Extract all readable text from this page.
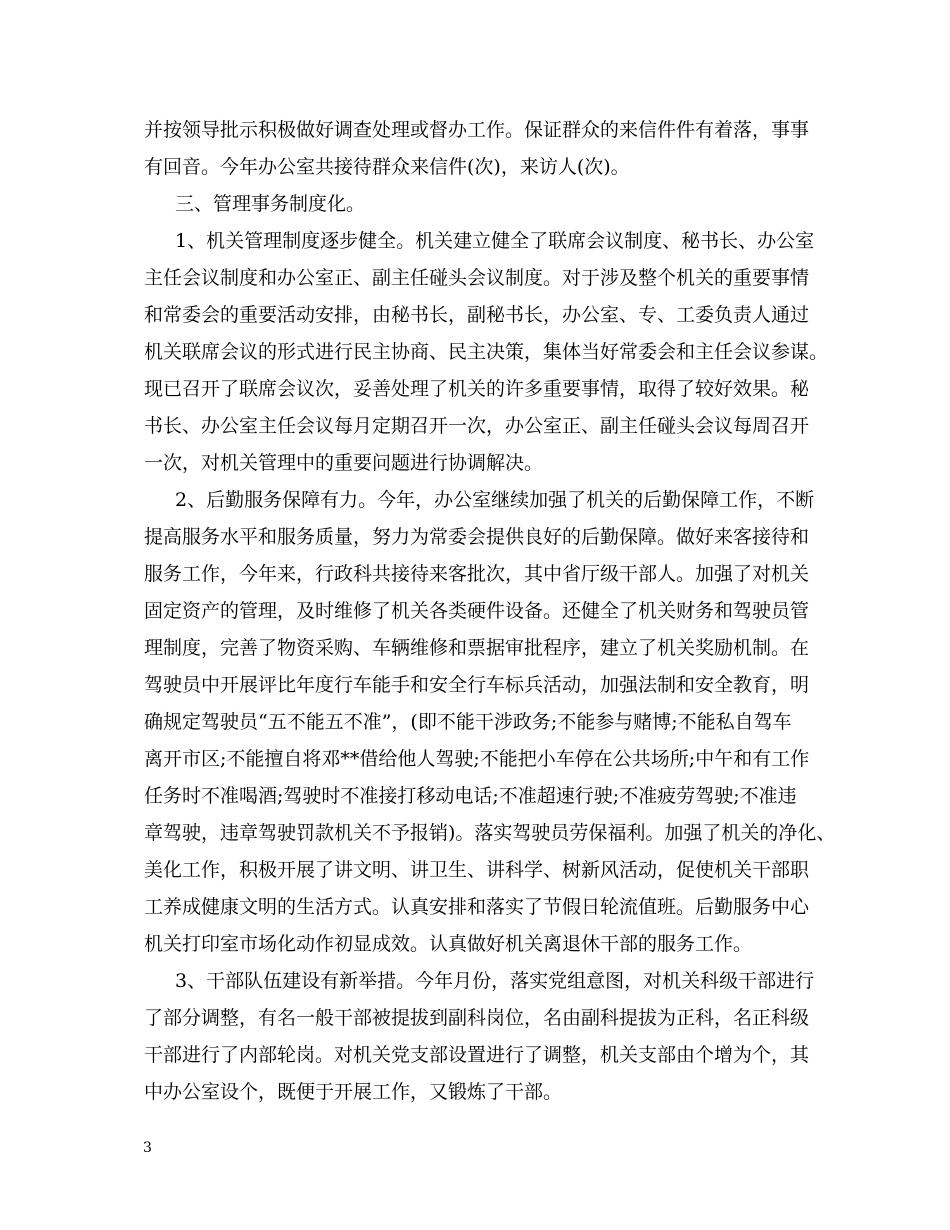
并按领导批示积极做好调查处理或督办工作。保证群众的来信件件有着落，事事
有回音。今年办公室共接待群众来信件(次)，来访人(次)。
三、管理事务制度化。
1、机关管理制度逐步健全。机关建立健全了联席会议制度、秘书长、办公室
主任会议制度和办公室正、副主任碰头会议制度。对于涉及整个机关的重要事情
和常委会的重要活动安排，由秘书长，副秘书长，办公室、专、工委负责人通过
机关联席会议的形式进行民主协商、民主决策，集体当好常委会和主任会议参谋。
现已召开了联席会议次，妥善处理了机关的许多重要事情，取得了较好效果。秘
书长、办公室主任会议每月定期召开一次，办公室正、副主任碰头会议每周召开
一次，对机关管理中的重要问题进行协调解决。
2、后勤服务保障有力。今年，办公室继续加强了机关的后勤保障工作，不断
提高服务水平和服务质量，努力为常委会提供良好的后勤保障。做好来客接待和
服务工作，今年来，行政科共接待来客批次，其中省厅级干部人。加强了对机关
固定资产的管理，及时维修了机关各类硬件设备。还健全了机关财务和驾驶员管
理制度，完善了物资采购、车辆维修和票据审批程序，建立了机关奖励机制。在
驾驶员中开展评比年度行车能手和安全行车标兵活动，加强法制和安全教育，明
确规定驾驶员“五不能五不准”，(即不能干涉政务;不能参与赌博;不能私自驾车
离开市区;不能擅自将邓**借给他人驾驶;不能把小车停在公共场所;中午和有工作
任务时不准喝酒;驾驶时不准接打移动电话;不准超速行驶;不准疲劳驾驶;不准违
章驾驶，违章驾驶罚款机关不予报销)。落实驾驶员劳保福利。加强了机关的净化、
美化工作，积极开展了讲文明、讲卫生、讲科学、树新风活动，促使机关干部职
工养成健康文明的生活方式。认真安排和落实了节假日轮流值班。后勤服务中心
机关打印室市场化动作初显成效。认真做好机关离退休干部的服务工作。
3、干部队伍建设有新举措。今年月份，落实党组意图，对机关科级干部进行
了部分调整，有名一般干部被提拔到副科岗位，名由副科提拔为正科，名正科级
干部进行了内部轮岗。对机关党支部设置进行了调整，机关支部由个增为个，其
中办公室设个，既便于开展工作，又锻炼了干部。
3
